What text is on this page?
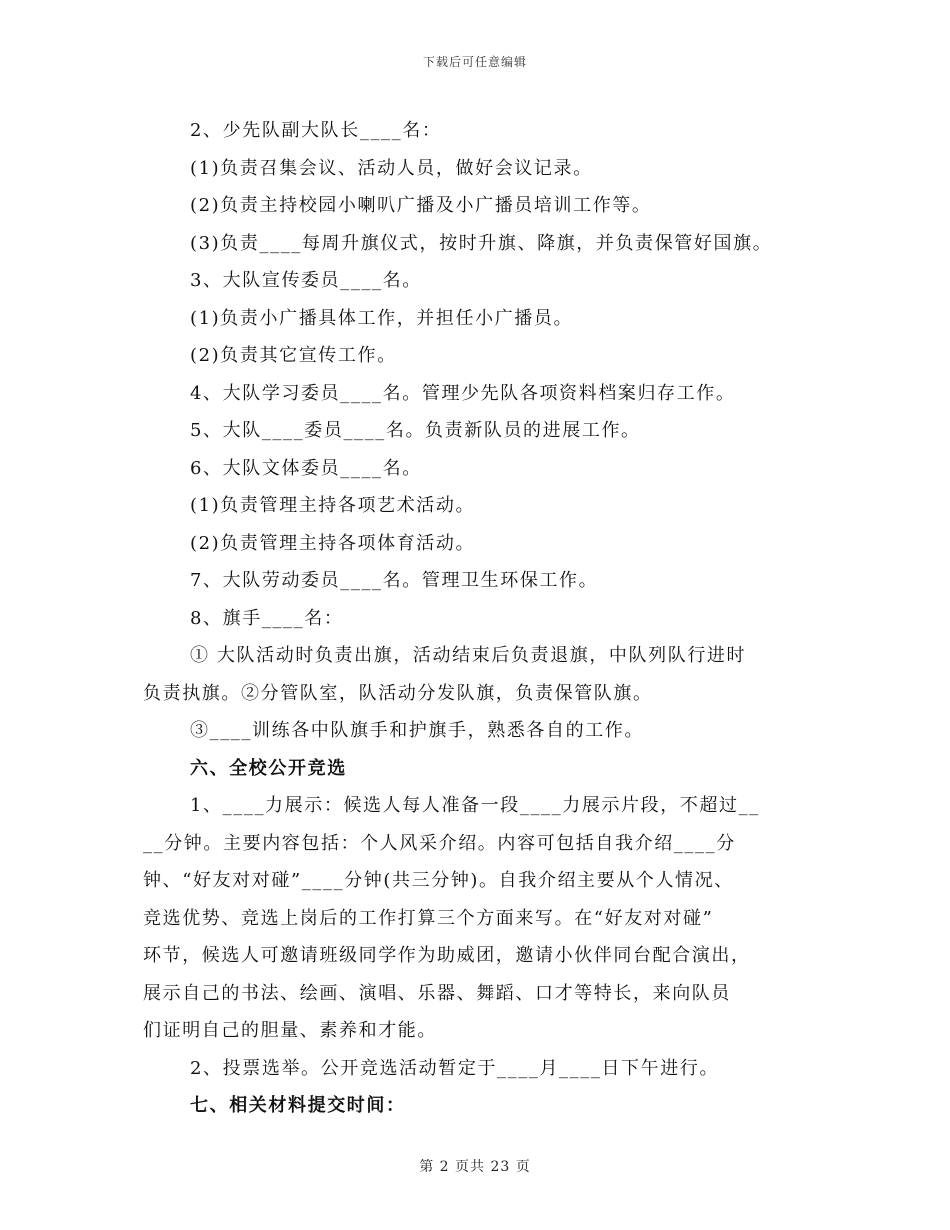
下载后可任意编辑
2、少先队副大队长____名：
(1)负责召集会议、活动人员，做好会议记录。
(2)负责主持校园小喇叭广播及小广播员培训工作等。
(3)负责____每周升旗仪式，按时升旗、降旗，并负责保管好国旗。
3、大队宣传委员____名。
(1)负责小广播具体工作，并担任小广播员。
(2)负责其它宣传工作。
4、大队学习委员____名。管理少先队各项资料档案归存工作。
5、大队____委员____名。负责新队员的进展工作。
6、大队文体委员____名。
(1)负责管理主持各项艺术活动。
(2)负责管理主持各项体育活动。
7、大队劳动委员____名。管理卫生环保工作。
8、旗手____名：
① 大队活动时负责出旗，活动结束后负责退旗，中队列队行进时
负责执旗。②分管队室，队活动分发队旗，负责保管队旗。
③____训练各中队旗手和护旗手，熟悉各自的工作。
六、全校公开竞选
1、____力展示：候选人每人准备一段____力展示片段，不超过__
__分钟。主要内容包括：个人风采介绍。内容可包括自我介绍____分
钟、“好友对对碰”____分钟(共三分钟)。自我介绍主要从个人情况、
竞选优势、竞选上岗后的工作打算三个方面来写。在“好友对对碰”
环节，候选人可邀请班级同学作为助威团，邀请小伙伴同台配合演出，
展示自己的书法、绘画、演唱、乐器、舞蹈、口才等特长，来向队员
们证明自己的胆量、素养和才能。
2、投票选举。公开竞选活动暂定于____月____日下午进行。
七、相关材料提交时间：
第 2 页共 23 页
